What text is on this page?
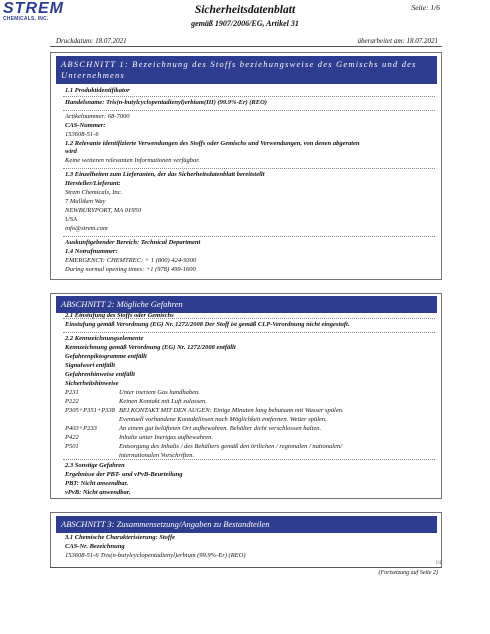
STREM
CHEMICALS, INC.
Sicherheitsdatenblatt
gemäß 1907/2006/EG, Artikel 31
Seite: 1/6
Druckdatum: 18.07.2021	überarbeitet am: 18.07.2021
ABSCHNITT 1: Bezeichnung des Stoffs beziehungsweise des Gemischs und des Unternehmens
1.1 Produktidentifikator
Handelsname: Tris(n-butylcyclopentadienyl)erbium(III) (99.9%-Er) (REO)
Artikelnummer: 68-7000
CAS-Nummer:
153608-51-6
1.2 Relevante identifizierte Verwendungen des Stoffs oder Gemischs und Verwendungen, von denen abgeraten
wird
Keine weiteren relevanten Informationen verfügbar.
1.3 Einzelheiten zum Lieferanten, der das Sicherheitsdatenblatt bereitstellt
Hersteller/Lieferant:
Strem Chemicals, Inc.
7 Mulliken Way
NEWBURYPORT, MA 01950
USA
info@strem.com
Auskunftgebender Bereich: Technical Department
1.4 Notrufnummer:
EMERGENCY: CHEMTREC: + 1 (800) 424-9300
During normal opening times: +1 (978) 499-1600
ABSCHNITT 2: Mögliche Gefahren
2.1 Einstufung des Stoffs oder Gemischs
Einstufung gemäß Verordnung (EG) Nr. 1272/2008 Der Stoff ist gemäß CLP-Verordnung nicht eingestuft.
2.2 Kennzeichnungselemente
Kennzeichnung gemäß Verordnung (EG) Nr. 1272/2008 entfällt
Gefahrenpiktogramme entfällt
Signalwort entfällt
Gefahrenhinweise entfällt
Sicherheitshinweise
P231	Unter inertem Gas handhaben.
P222	Keinen Kontakt mit Luft zulassen.
P305+P351+P338 BEI KONTAKT MIT DEN AUGEN: Einige Minuten lang behutsam mit Wasser spülen.
Eventuell vorhandene Kontaktlinsen nach Möglichkeit entfernen. Weiter spülen.
P403+P233	An einem gut belüfteten Ort aufbewahren. Behälter dicht verschlossen halten.
P422	Inhalte unter Inertgas aufbewahren.
P501	Entsorgung des Inhalts / des Behälters gemäß den örtlichen / regionalen / nationalen/
internationalen Vorschriften.
2.3 Sonstige Gefahren
Ergebnisse der PBT- und vPvB-Beurteilung
PBT: Nicht anwendbar.
vPvB: Nicht anwendbar.
ABSCHNITT 3: Zusammensetzung/Angaben zu Bestandteilen
3.1 Chemische Charakterisierung: Stoffe
CAS-Nr. Bezeichnung
153608-51-6 Tris(n-butylcyclopentadienyl)erbium (99.9%-Er) (REO)
DE
(Fortsetzung auf Seite 2)
